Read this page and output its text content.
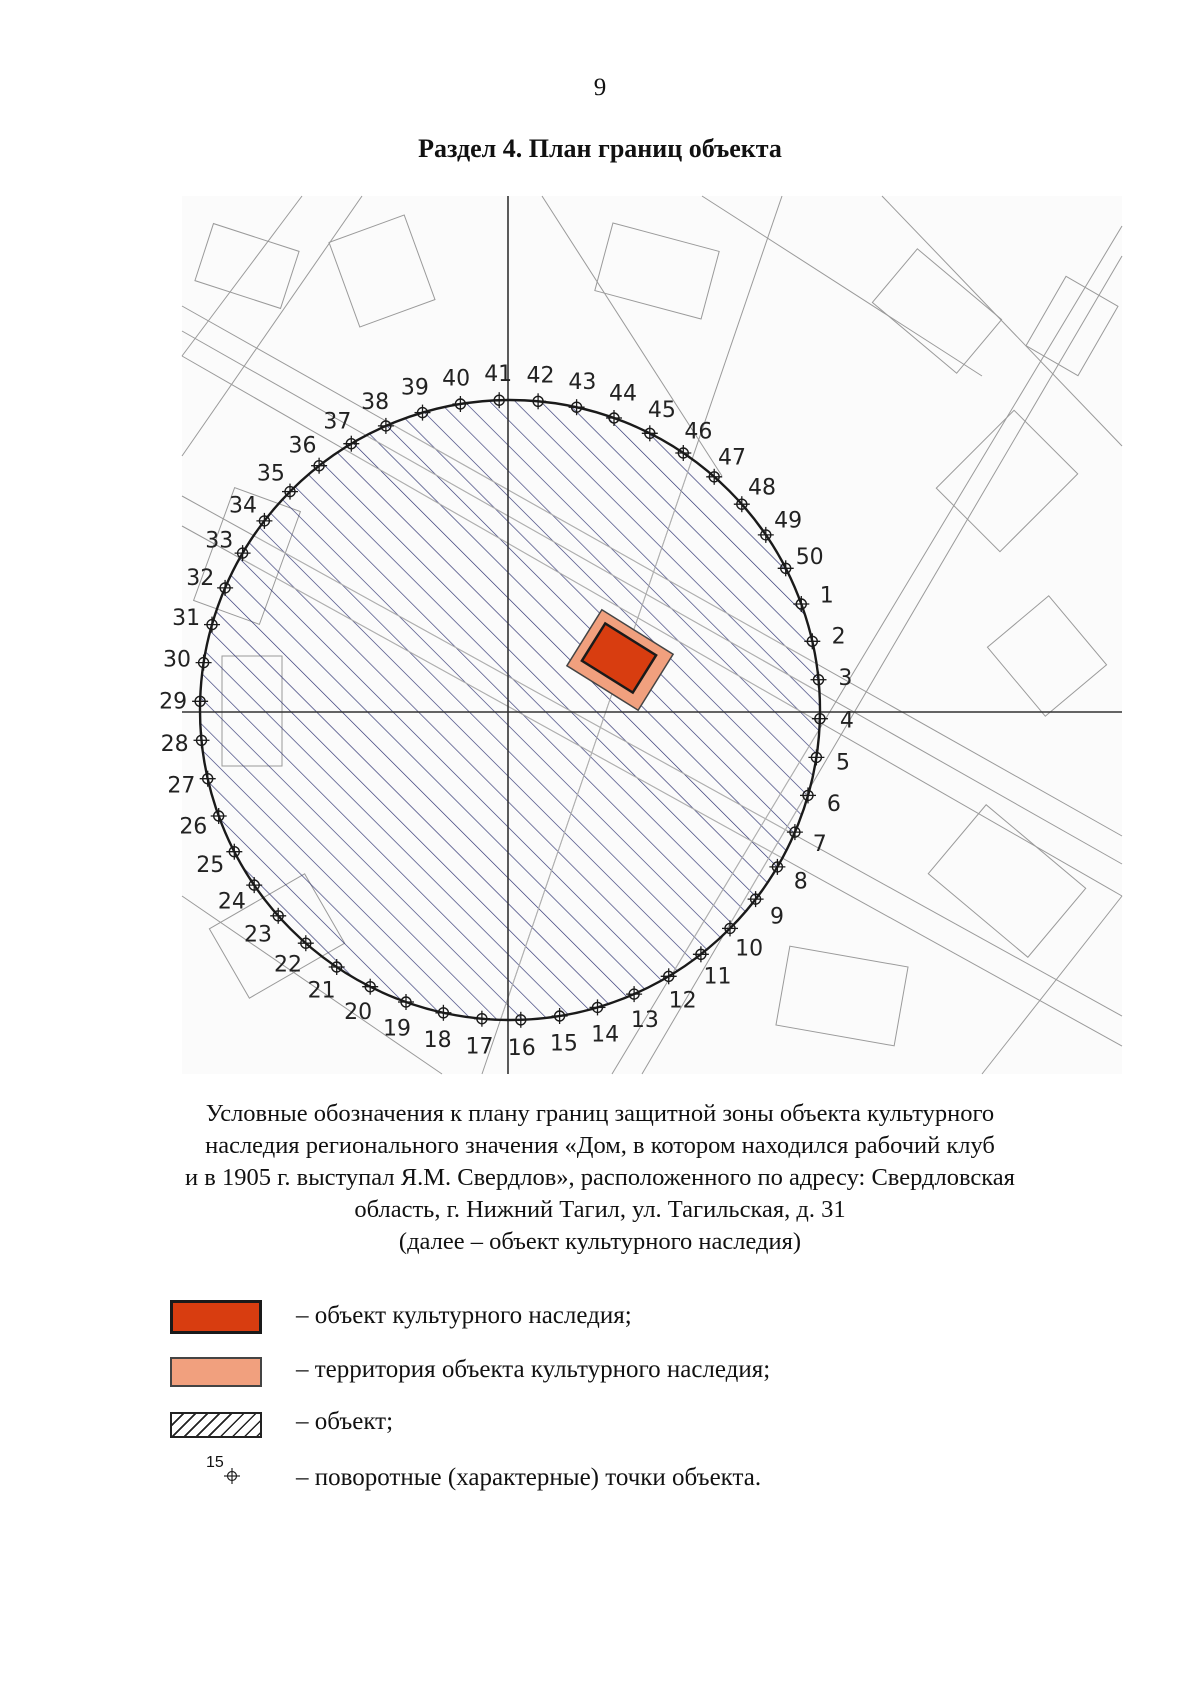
9
Раздел 4. План границ объекта
1
2
3
4
5
6
7
8
9
10
11
12
13
14
15
16
17
18
19
20
21
22
23
24
25
26
27
28
29
30
31
32
33
34
35
36
37
38
39 40 41 42 43 44
45
46
47
48
49
50
Условные обозначения к плану границ защитной зоны объекта культурного
наследия регионального значения «Дом, в котором находился рабочий клуб
и в 1905 г. выступал Я.М. Свердлов», расположенного по адресу: Свердловская
область, г. Нижний Тагил, ул. Тагильская, д. 31
(далее – объект культурного наследия)
– объект культурного наследия;
– территория объекта культурного наследия;
– объект;
15
– поворотные (характерные) точки объекта.
